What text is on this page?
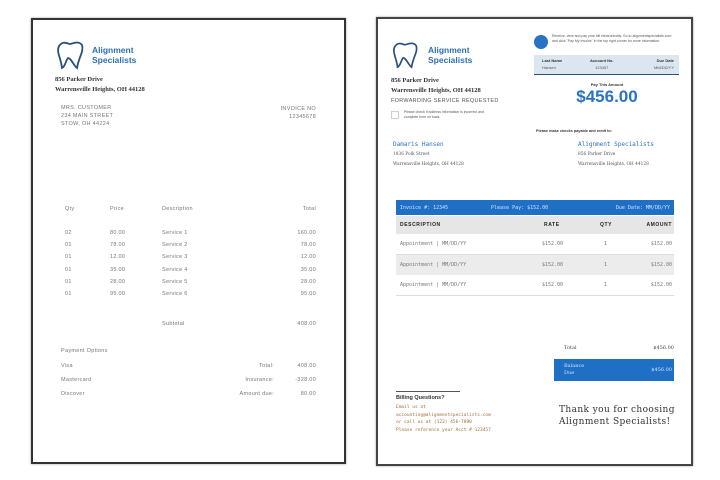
Alignment
Specialists
856 Parker Drive
Warrensville Heights, OH 44128
MRS. CUSTOMER
234 MAIN STREET
STOW, OH 44224
INVOICE NO
12345678
Qty	Price	Description	Total
Subtotal	408.00
Payment Options
Visa
Mastercard
Discover
Total:	408.00
Insurance:	-328.00
Amount due:	80.00
02	80.00	Service 1	160.00
01	78.00	Service 2	78.00
01	12.00	Service 3	12.00
01	35.00	Service 4	35.00
01	28.00	Service 5	28.00
01	95.00	Service 6	95.00
Alignment
Specialists
856 Parker Drive
Warrensville Heights, OH 44128
FORWARDING SERVICE REQUESTED
Please check if address information is incorrect and complete form on back.
Receive, view and pay your bill electronically. Go to alignmentspecialists.com and click "Pay My Invoice" in the top right corner for more information.
Last Name	Account No.	Due Date
Hansen	123457	MM/DD/YY
Pay This Amount
$456.00
Please make checks payable and remit to:
Damaris Hansen
1836 Polk Street
Warrensville Heights, OH 44128
Alignment Specialists
856 Parker Drive
Warrensville Heights, OH 44128
Invoice #: 12345	Please Pay: $152.00	Due Date: MM/DD/YY
DESCRIPTION	RATE	QTY	AMOUNT
Total	$456.00
Balance Due	$456.00
Billing Questions?
Email us at
accounting@alignmentspecialists.com
or call us at (123) 456-7890
Please reference your Acct # 123457
Thank you for choosing Alignment Specialists!
Appointment | MM/DD/YY	$152.00	1	$152.00
Appointment | MM/DD/YY	$152.00	1	$152.00
Appointment | MM/DD/YY	$152.00	1	$152.00
